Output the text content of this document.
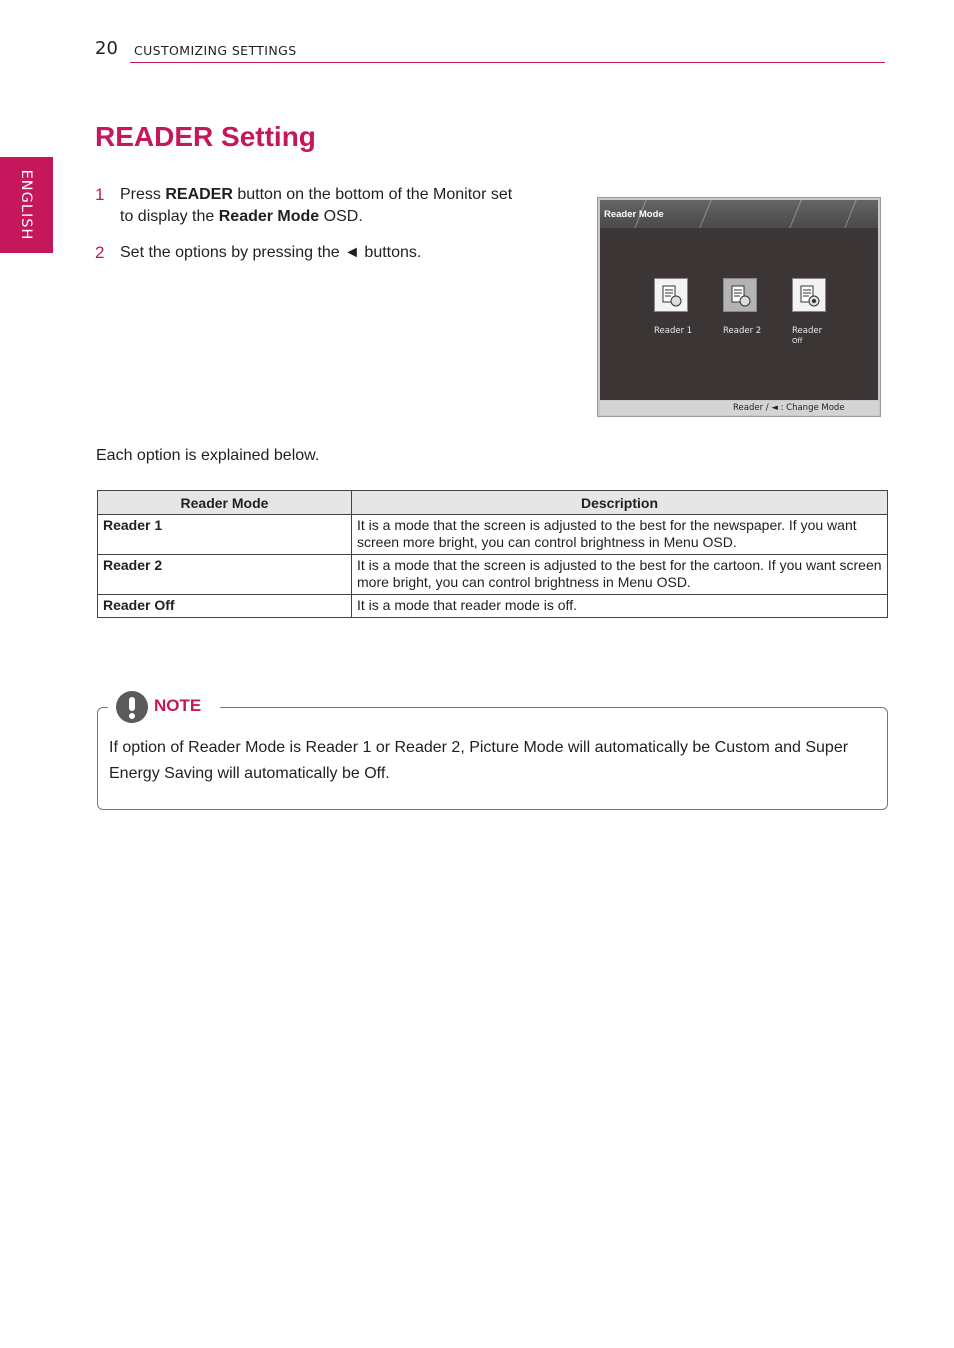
20 CUSTOMIZING SETTINGS
ENGLISH
READER Setting
1 Press READER button on the bottom of the Monitor set to display the Reader Mode OSD.
2 Set the options by pressing the ◄ buttons.
Reader Mode
Reader 1	Reader 2	Reader
Off
Reader / ◄ : Change Mode
Each option is explained below.
Reader Mode	Description
Reader 1	It is a mode that the screen is adjusted to the best for the newspaper. If you want screen more bright, you can control brightness in Menu OSD.
Reader 2	It is a mode that the screen is adjusted to the best for the cartoon. If you want screen more bright, you can control brightness in Menu OSD.
Reader Off	It is a mode that reader mode is off.
NOTE
If option of Reader Mode is Reader 1 or Reader 2, Picture Mode will automatically be Custom and Super Energy Saving will automatically be Off.
